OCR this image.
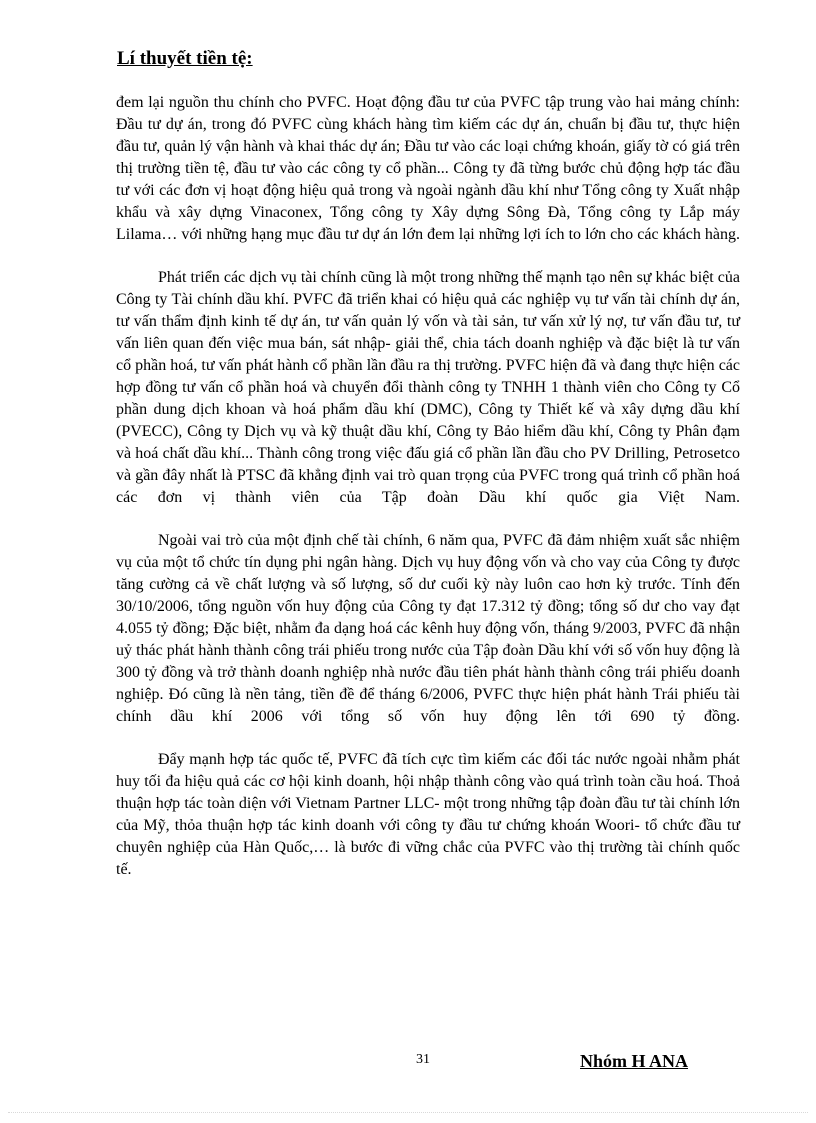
Lí thuyết tiền tệ:

đem lại nguồn thu chính cho PVFC. Hoạt động đầu tư của PVFC tập trung vào hai mảng chính: Đầu tư dự án, trong đó PVFC cùng khách hàng tìm kiếm các dự án, chuẩn bị đầu tư, thực hiện đầu tư, quản lý vận hành và khai thác dự án; Đầu tư vào các loại chứng khoán, giấy tờ có giá trên thị trường tiền tệ, đầu tư vào các công ty cổ phần... Công ty đã từng bước chủ động hợp tác đầu tư với các đơn vị hoạt động hiệu quả trong và ngoài ngành dầu khí như Tổng công ty Xuất nhập khẩu và xây dựng Vinaconex, Tổng công ty Xây dựng Sông Đà, Tổng công ty Lắp máy Lilama… với những hạng mục đầu tư dự án lớn đem lại những lợi ích to lớn cho các khách hàng.

Phát triển các dịch vụ tài chính cũng là một trong những thế mạnh tạo nên sự khác biệt của Công ty Tài chính dầu khí. PVFC đã triển khai có hiệu quả các nghiệp vụ tư vấn tài chính dự án, tư vấn thẩm định kinh tế dự án, tư vấn quản lý vốn và tài sản, tư vấn xử lý nợ, tư vấn đầu tư, tư vấn liên quan đến việc mua bán, sát nhập- giải thể, chia tách doanh nghiệp và đặc biệt là tư vấn cổ phần hoá, tư vấn phát hành cổ phần lần đầu ra thị trường. PVFC hiện đã và đang thực hiện các hợp đồng tư vấn cổ phần hoá và chuyển đổi thành công ty TNHH 1 thành viên cho Công ty Cổ phần dung dịch khoan và hoá phẩm dầu khí (DMC), Công ty Thiết kế và xây dựng dầu khí (PVECC), Công ty Dịch vụ và kỹ thuật dầu khí, Công ty Bảo hiểm dầu khí, Công ty Phân đạm và hoá chất dầu khí... Thành công trong việc đấu giá cổ phần lần đầu cho PV Drilling, Petrosetco và gần đây nhất là PTSC đã khẳng định vai trò quan trọng của PVFC trong quá trình cổ phần hoá các đơn vị thành viên của Tập đoàn Dầu khí quốc gia Việt Nam.

Ngoài vai trò của một định chế tài chính, 6 năm qua, PVFC đã đảm nhiệm xuất sắc nhiệm vụ của một tổ chức tín dụng phi ngân hàng. Dịch vụ huy động vốn và cho vay của Công ty được tăng cường cả về chất lượng và số lượng, số dư cuối kỳ này luôn cao hơn kỳ trước. Tính đến 30/10/2006, tổng nguồn vốn huy động của Công ty đạt 17.312 tỷ đồng; tổng số dư cho vay đạt 4.055 tỷ đồng; Đặc biệt, nhằm đa dạng hoá các kênh huy động vốn, tháng 9/2003, PVFC đã nhận uỷ thác phát hành thành công trái phiếu trong nước của Tập đoàn Dầu khí với số vốn huy động là 300 tỷ đồng và trở thành doanh nghiệp nhà nước đầu tiên phát hành thành công trái phiếu doanh nghiệp. Đó cũng là nền tảng, tiền đề để tháng 6/2006, PVFC thực hiện phát hành Trái phiếu tài chính dầu khí 2006 với tổng số vốn huy động lên tới 690 tỷ đồng.

Đẩy mạnh hợp tác quốc tế, PVFC đã tích cực tìm kiếm các đối tác nước ngoài nhằm phát huy tối đa hiệu quả các cơ hội kinh doanh, hội nhập thành công vào quá trình toàn cầu hoá. Thoả thuận hợp tác toàn diện với Vietnam Partner LLC- một trong những tập đoàn đầu tư tài chính lớn của Mỹ, thỏa thuận hợp tác kinh doanh với công ty đầu tư chứng khoán Woori- tổ chức đầu tư chuyên nghiệp của Hàn Quốc,… là bước đi vững chắc của PVFC vào thị trường tài chính quốc tế.

31	Nhóm H ANA
